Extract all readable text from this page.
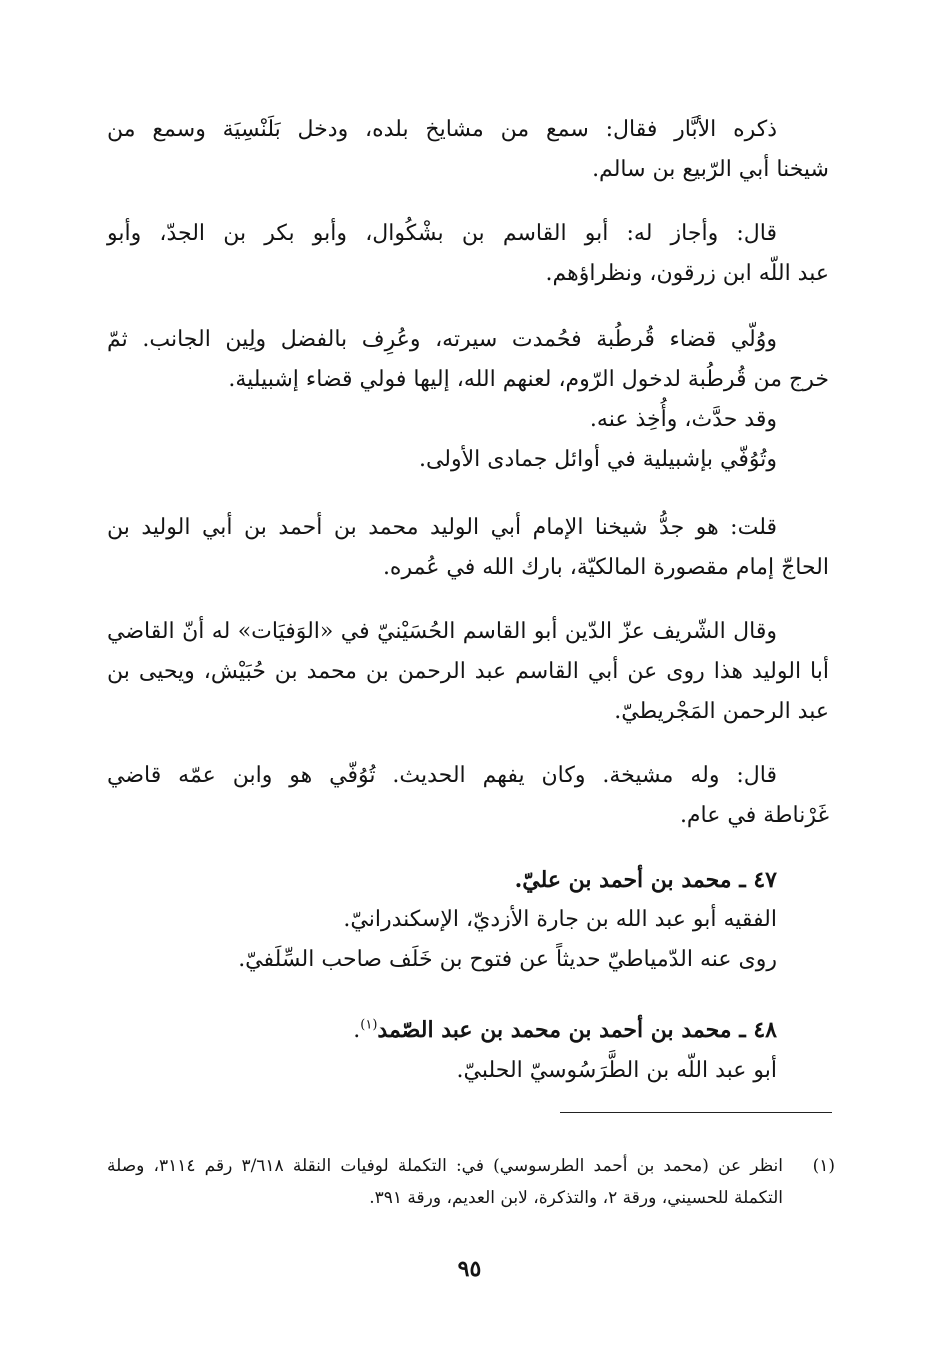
ذكره الأبَّار فقال: سمع من مشايخ بلده، ودخل بَلَنْسِيَة وسمع من
شيخنا أبي الرّبيع بن سالم.
قال: وأجاز له: أبو القاسم بن بشْكُوال، وأبو بكر بن الجدّ، وأبو
عبد اللّه ابن زرقون، ونظراؤهم.
ووُلّي قضاء قُرطُبة فحُمدت سيرته، وعُرِف بالفضل ولِين الجانب. ثمّ
خرج من قُرطُبة لدخول الرّوم، لعنهم الله، إليها فولي قضاء إشبيلية.
وقد حدَّث، وأُخِذ عنه.
وتُوُفّي بإشبيلية في أوائل جمادى الأولى.
قلت: هو جدُّ شيخنا الإمام أبي الوليد محمد بن أحمد بن أبي الوليد بن
الحاجّ إمام مقصورة المالكيّة، بارك الله في عُمره.
وقال الشّريف عزّ الدّين أبو القاسم الحُسَيْنيّ في «الوَفيَات» له أنّ القاضي
أبا الوليد هذا روى عن أبي القاسم عبد الرحمن بن محمد بن حُبَيْش، ويحيى بن
عبد الرحمن المَجْريطيّ.
قال: وله مشيخة. وكان يفهم الحديث. تُوُفّي هو وابن عمّه قاضي
غَرْناطة في عام.
٤٧ ـ محمد بن أحمد بن عليّ.
الفقيه أبو عبد الله بن جارة الأزديّ، الإسكندرانيّ.
روى عنه الدّمياطيّ حديثاً عن فتوح بن خَلَف صاحب السِّلَفيّ.
٤٨ ـ محمد بن أحمد بن محمد بن عبد الصّمد$^{(١)}$.
أبو عبد اللّه بن الطَّرَسُوسيّ الحلبيّ.
(١)
انظر عن (محمد بن أحمد الطرسوسي) في: التكملة لوفيات النقلة ٣/٦١٨ رقم ٣١١٤، وصلة
التكملة للحسيني، ورقة ٢، والتذكرة، لابن العديم، ورقة ٣٩١.
٩٥
